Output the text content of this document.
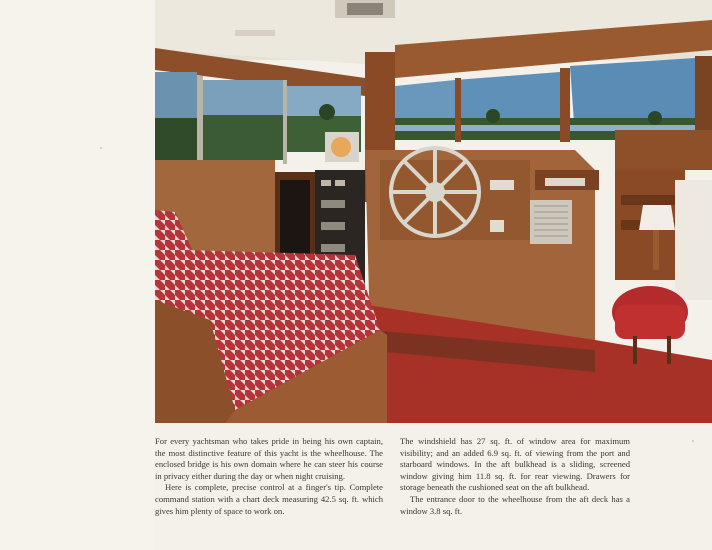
For every yachtsman who takes pride in being his own captain, the most distinctive feature of this yacht is the wheelhouse. The enclosed bridge is his own domain where he can steer his course in privacy either during the day or when night cruising.

Here is complete, precise control at a finger's tip. Complete command station with a chart deck measuring 42.5 sq. ft. which gives him plenty of space to work on.

The windshield has 27 sq. ft. of window area for maximum visibility; and an added 6.9 sq. ft. of viewing from the port and starboard windows. In the aft bulkhead is a sliding, screened window giving him 11.8 sq. ft. for rear viewing. Drawers for storage beneath the cushioned seat on the aft bulkhead.

The entrance door to the wheelhouse from the aft deck has a window 3.8 sq. ft.
